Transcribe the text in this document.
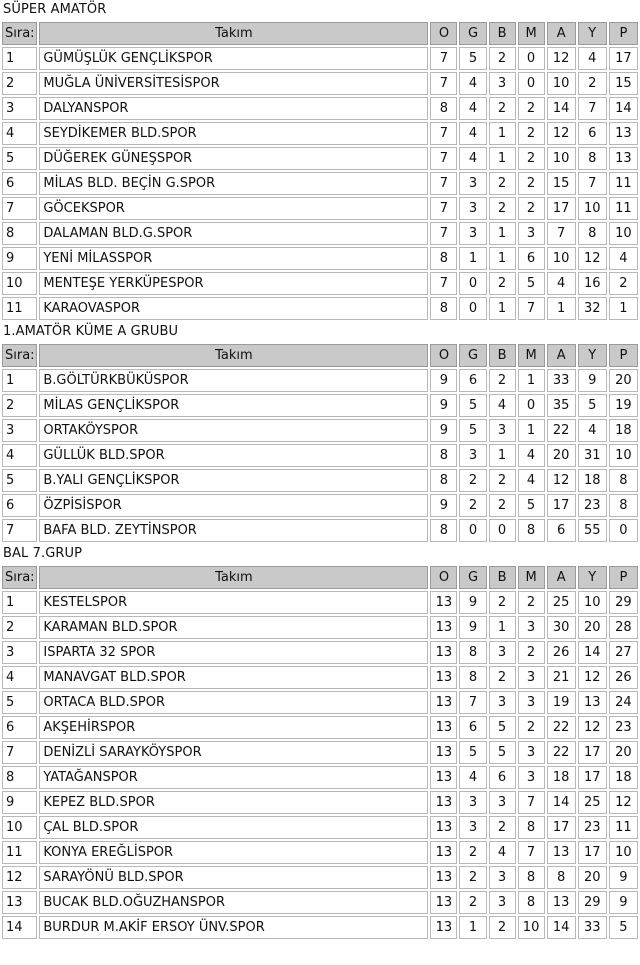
SÜPER AMATÖR
Sıra:	Takım	O	G	B	M	A	Y	P
1	GÜMÜŞLÜK GENÇLİKSPOR	7	5	2	0	12	4	17
2	MUĞLA ÜNİVERSİTESİSPOR	7	4	3	0	10	2	15
3	DALYANSPOR	8	4	2	2	14	7	14
4	SEYDİKEMER BLD.SPOR	7	4	1	2	12	6	13
5	DÜĞEREK GÜNEŞSPOR	7	4	1	2	10	8	13
6	MİLAS BLD. BEÇİN G.SPOR	7	3	2	2	15	7	11
7	GÖCEKSPOR	7	3	2	2	17	10	11
8	DALAMAN BLD.G.SPOR	7	3	1	3	7	8	10
9	YENİ MİLASSPOR	8	1	1	6	10	12	4
10	MENTEŞE YERKÜPESPOR	7	0	2	5	4	16	2
11	KARAOVASPOR	8	0	1	7	1	32	1
1.AMATÖR KÜME A GRUBU
Sıra:	Takım	O	G	B	M	A	Y	P
1	B.GÖLTÜRKBÜKÜSPOR	9	6	2	1	33	9	20
2	MİLAS GENÇLİKSPOR	9	5	4	0	35	5	19
3	ORTAKÖYSPOR	9	5	3	1	22	4	18
4	GÜLLÜK BLD.SPOR	8	3	1	4	20	31	10
5	B.YALI GENÇLİKSPOR	8	2	2	4	12	18	8
6	ÖZPİSİSPOR	9	2	2	5	17	23	8
7	BAFA BLD. ZEYTİNSPOR	8	0	0	8	6	55	0
BAL 7.GRUP
Sıra:	Takım	O	G	B	M	A	Y	P
1	KESTELSPOR	13	9	2	2	25	10	29
2	KARAMAN BLD.SPOR	13	9	1	3	30	20	28
3	ISPARTA 32 SPOR	13	8	3	2	26	14	27
4	MANAVGAT BLD.SPOR	13	8	2	3	21	12	26
5	ORTACA BLD.SPOR	13	7	3	3	19	13	24
6	AKŞEHİRSPOR	13	6	5	2	22	12	23
7	DENİZLİ SARAYKÖYSPOR	13	5	5	3	22	17	20
8	YATAĞANSPOR	13	4	6	3	18	17	18
9	KEPEZ BLD.SPOR	13	3	3	7	14	25	12
10	ÇAL BLD.SPOR	13	3	2	8	17	23	11
11	KONYA EREĞLİSPOR	13	2	4	7	13	17	10
12	SARAYÖNÜ BLD.SPOR	13	2	3	8	8	20	9
13	BUCAK BLD.OĞUZHANSPOR	13	2	3	8	13	29	9
14	BURDUR M.AKİF ERSOY ÜNV.SPOR	13	1	2	10	14	33	5
